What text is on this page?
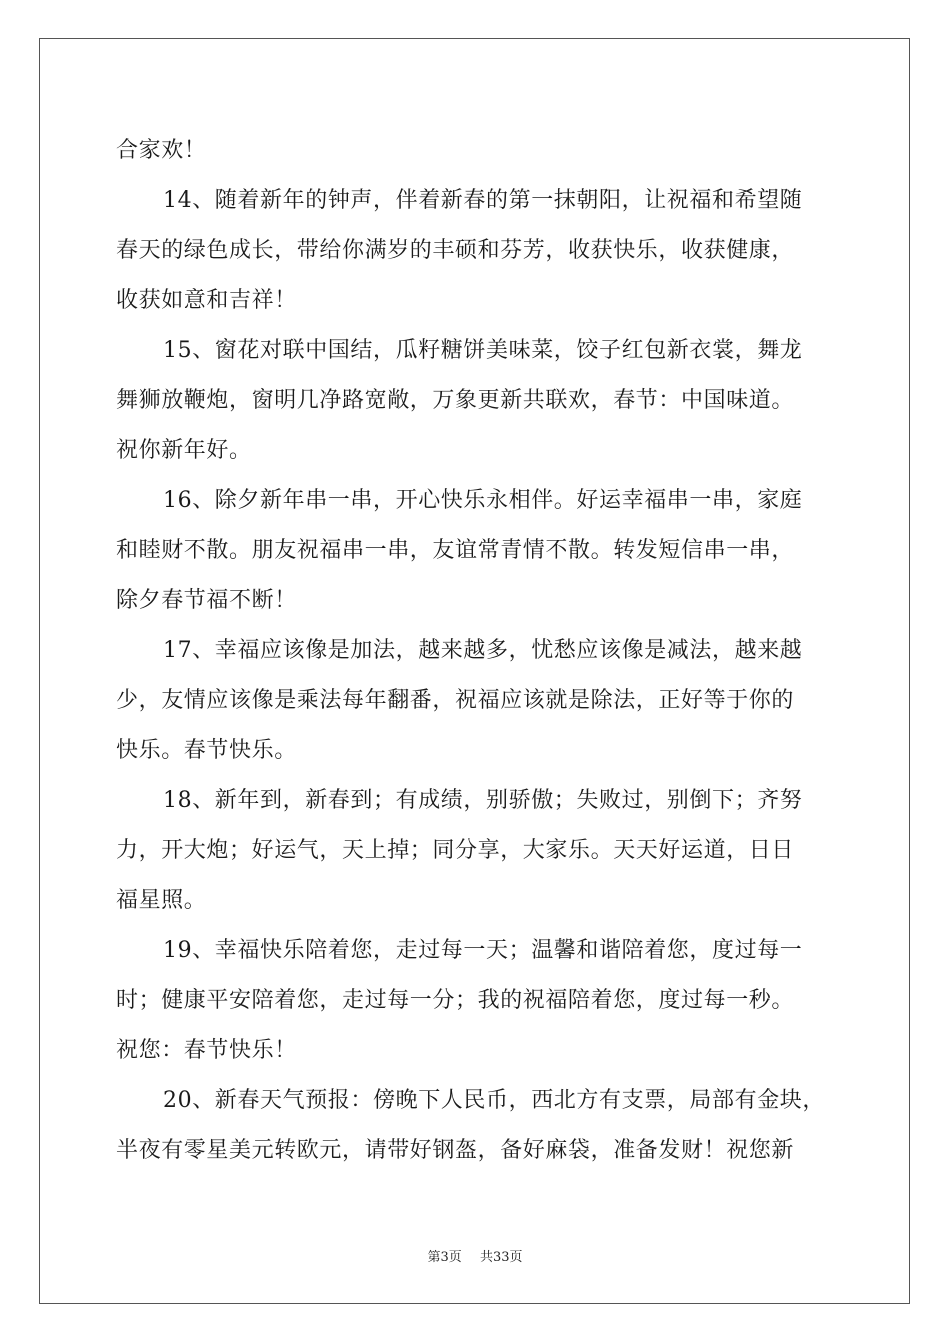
合家欢！
14、随着新年的钟声，伴着新春的第一抹朝阳，让祝福和希望随
春天的绿色成长，带给你满岁的丰硕和芬芳，收获快乐，收获健康，
收获如意和吉祥！
15、窗花对联中国结，瓜籽糖饼美味菜，饺子红包新衣裳，舞龙
舞狮放鞭炮，窗明几净路宽敞，万象更新共联欢，春节：中国味道。
祝你新年好。
16、除夕新年串一串，开心快乐永相伴。好运幸福串一串，家庭
和睦财不散。朋友祝福串一串，友谊常青情不散。转发短信串一串，
除夕春节福不断！
17、幸福应该像是加法，越来越多，忧愁应该像是减法，越来越
少，友情应该像是乘法每年翻番，祝福应该就是除法，正好等于你的
快乐。春节快乐。
18、新年到，新春到；有成绩，别骄傲；失败过，别倒下；齐努
力，开大炮；好运气，天上掉；同分享，大家乐。天天好运道，日日
福星照。
19、幸福快乐陪着您，走过每一天；温馨和谐陪着您，度过每一
时；健康平安陪着您，走过每一分；我的祝福陪着您，度过每一秒。
祝您：春节快乐！
20、新春天气预报：傍晚下人民币，西北方有支票，局部有金块，
半夜有零星美元转欧元，请带好钢盔，备好麻袋，准备发财！祝您新
第3页 共33页
